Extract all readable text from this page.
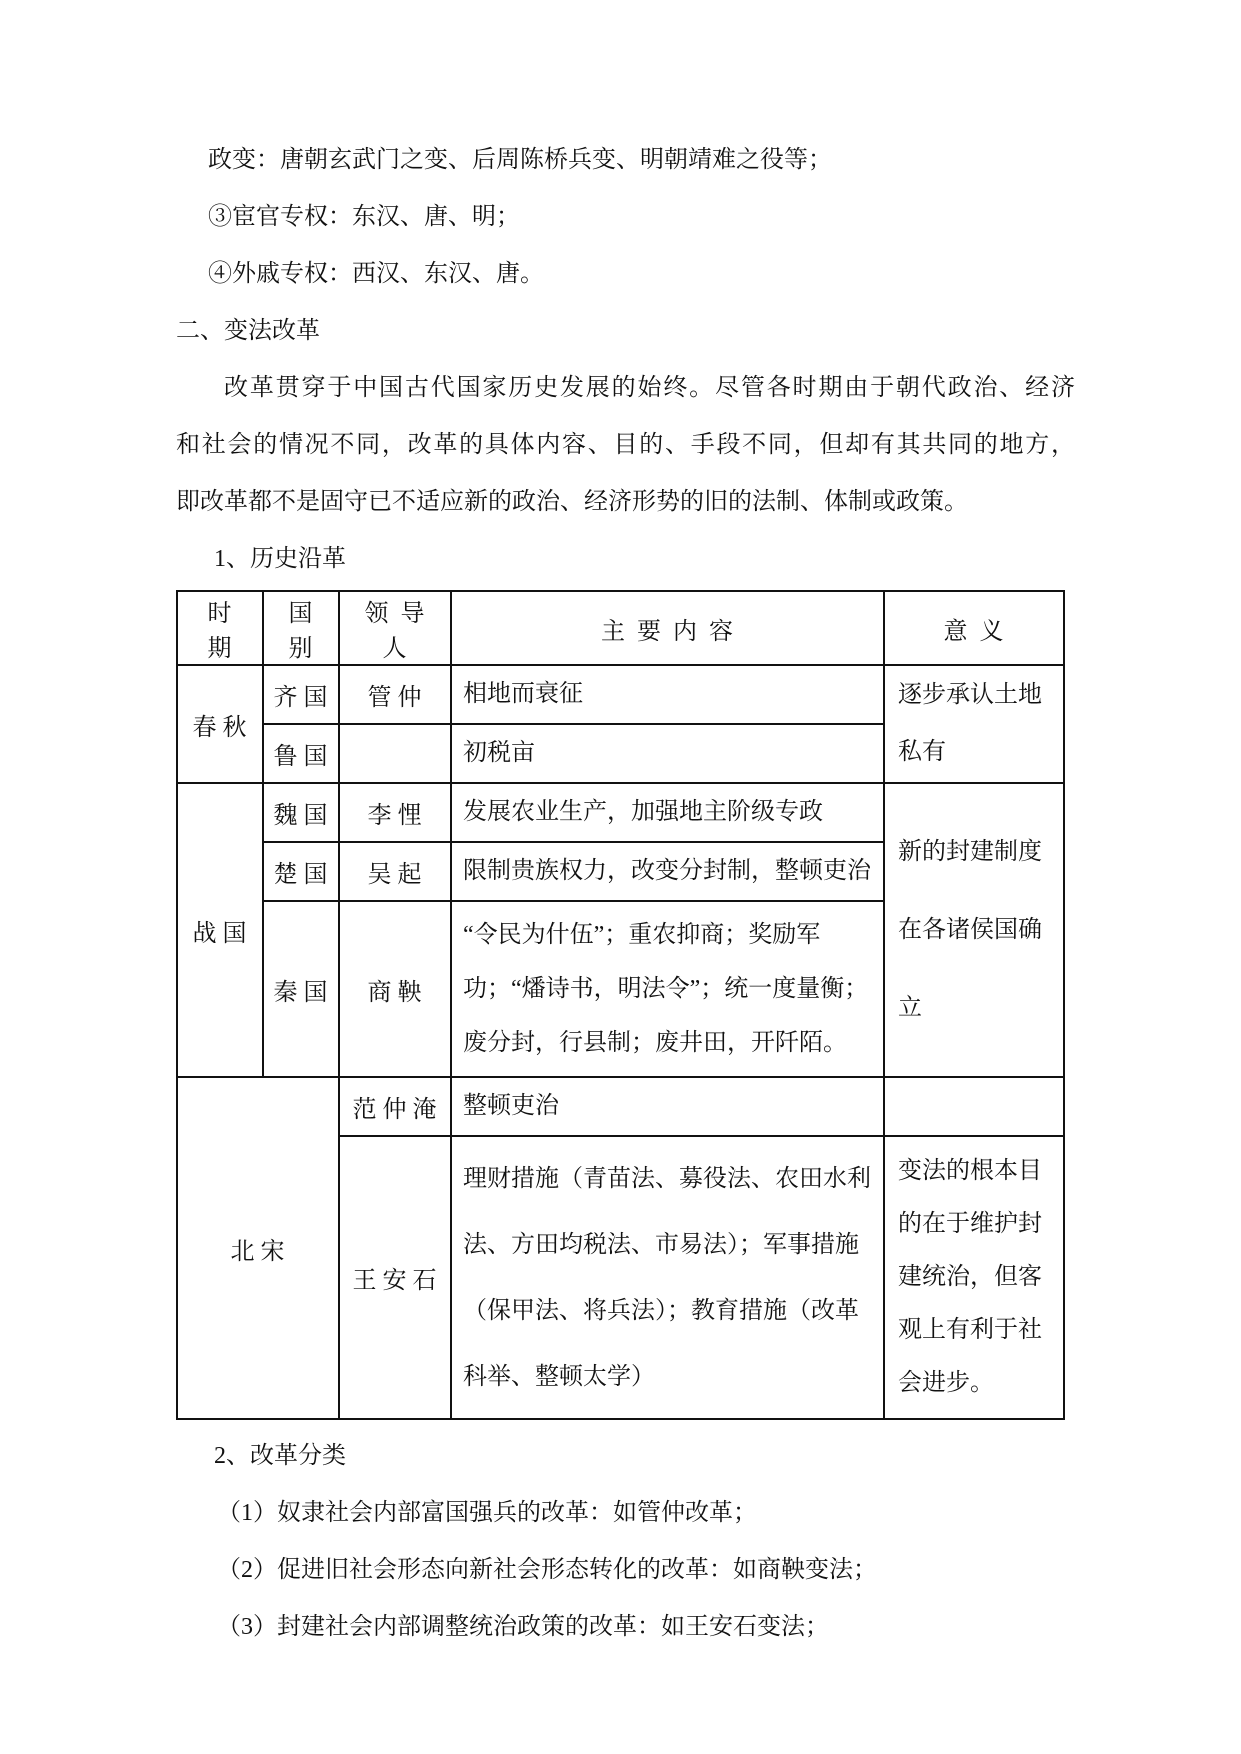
政变：唐朝玄武门之变、后周陈桥兵变、明朝靖难之役等；
③宦官专权：东汉、唐、明；
④外戚专权：西汉、东汉、唐。
二、变法改革
改革贯穿于中国古代国家历史发展的始终。尽管各时期由于朝代政治、经济
和社会的情况不同，改革的具体内容、目的、手段不同，但却有其共同的地方，
即改革都不是固守已不适应新的政治、经济形势的旧的法制、体制或政策。
1、历史沿革
时期	国别	领导人	主要内容	意义
春秋	齐国	管仲	相地而衰征	逐步承认土地私有
	鲁国		初税亩	
战国	魏国	李悝	发展农业生产，加强地主阶级专政	新的封建制度在各诸侯国确立
	楚国	吴起	限制贵族权力，改变分封制，整顿吏治	
	秦国	商鞅	“令民为什伍”；重农抑商；奖励军功；“燔诗书，明法令”；统一度量衡；废分封，行县制；废井田，开阡陌。	
北宋		范仲淹	整顿吏治	
		王安石	理财措施（青苗法、募役法、农田水利法、方田均税法、市易法）；军事措施（保甲法、将兵法）；教育措施（改革科举、整顿太学）	变法的根本目的在于维护封建统治，但客观上有利于社会进步。
2、改革分类
（1）奴隶社会内部富国强兵的改革：如管仲改革；
（2）促进旧社会形态向新社会形态转化的改革：如商鞅变法；
（3）封建社会内部调整统治政策的改革：如王安石变法；
